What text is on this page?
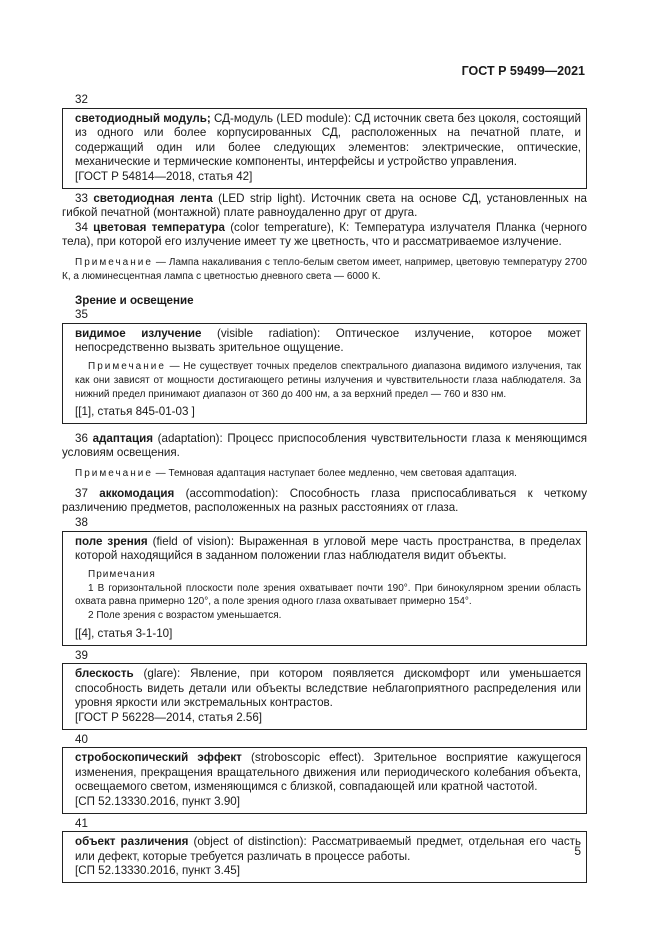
ГОСТ Р 59499—2021
32
светодиодный модуль; СД-модуль (LED module): СД источник света без цоколя, состоящий из одного или более корпусированных СД, расположенных на печатной плате, и содержащий один или более следующих элементов: электрические, оптические, механические и термические компоненты, интерфейсы и устройство управления.
[ГОСТ Р 54814—2018, статья 42]

33 светодиодная лента (LED strip light). Источник света на основе СД, установленных на гибкой печатной (монтажной) плате равноудаленно друг от друга.

34 цветовая температура (color temperature), К: Температура излучателя Планка (черного тела), при которой его излучение имеет ту же цветность, что и рассматриваемое излучение.

Примечание — Лампа накаливания с тепло-белым светом имеет, например, цветовую температуру 2700 К, а люминесцентная лампа с цветностью дневного света — 6000 К.
Зрение и освещение
35
видимое излучение (visible radiation): Оптическое излучение, которое может непосредственно вызвать зрительное ощущение.
Примечание — Не существует точных пределов спектрального диапазона видимого излучения, так как они зависят от мощности достигающего ретины излучения и чувствительности глаза наблюдателя. За нижний предел принимают диапазон от 360 до 400 нм, а за верхний предел — 760 и 830 нм.
[[1], статья 845-01-03 ]

36 адаптация (adaptation): Процесс приспособления чувствительности глаза к меняющимся условиям освещения.

Примечание — Темновая адаптация наступает более медленно, чем световая адаптация.

37 аккомодация (accommodation): Способность глаза приспосабливаться к четкому различению предметов, расположенных на разных расстояниях от глаза.

38
поле зрения (field of vision): Выраженная в угловой мере часть пространства, в пределах которой находящийся в заданном положении глаз наблюдателя видит объекты.
Примечания
1 В горизонтальной плоскости поле зрения охватывает почти 190°. При бинокулярном зрении область охвата равна примерно 120°, а поле зрения одного глаза охватывает примерно 154°.
2 Поле зрения с возрастом уменьшается.
[[4], статья 3-1-10]
39
блескость (glare): Явление, при котором появляется дискомфорт или уменьшается способность видеть детали или объекты вследствие неблагоприятного распределения или уровня яркости или экстремальных контрастов.
[ГОСТ Р 56228—2014, статья 2.56]
40
стробоскопический эффект (stroboscopic effect). Зрительное восприятие кажущегося изменения, прекращения вращательного движения или периодического колебания объекта, освещаемого светом, изменяющимся с близкой, совпадающей или кратной частотой.
[СП 52.13330.2016, пункт 3.90]
41
объект различения (object of distinction): Рассматриваемый предмет, отдельная его часть или дефект, которые требуется различать в процессе работы.
[СП 52.13330.2016, пункт 3.45]
5
